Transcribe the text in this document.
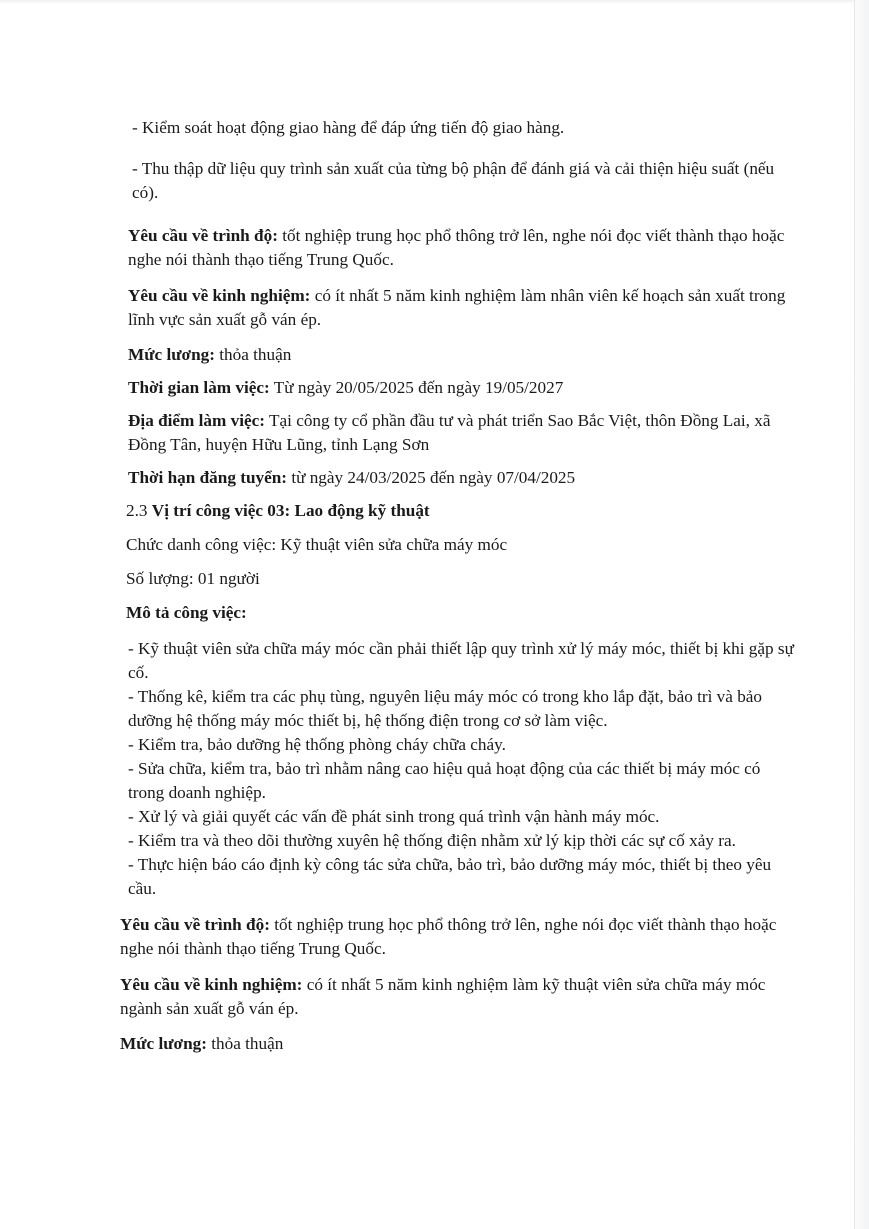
- Kiểm soát hoạt động giao hàng để đáp ứng tiến độ giao hàng.

- Thu thập dữ liệu quy trình sản xuất của từng bộ phận để đánh giá và cải thiện hiệu suất (nếu có).

Yêu cầu về trình độ: tốt nghiệp trung học phổ thông trở lên, nghe nói đọc viết thành thạo hoặc nghe nói thành thạo tiếng Trung Quốc.

Yêu cầu về kinh nghiệm: có ít nhất 5 năm kinh nghiệm làm nhân viên kế hoạch sản xuất trong lĩnh vực sản xuất gỗ ván ép.

Mức lương: thỏa thuận

Thời gian làm việc: Từ ngày 20/05/2025 đến ngày 19/05/2027

Địa điểm làm việc: Tại công ty cổ phần đầu tư và phát triển Sao Bắc Việt, thôn Đồng Lai, xã Đồng Tân, huyện Hữu Lũng, tỉnh Lạng Sơn

Thời hạn đăng tuyển: từ ngày 24/03/2025 đến ngày 07/04/2025

2.3 Vị trí công việc 03: Lao động kỹ thuật

Chức danh công việc: Kỹ thuật viên sửa chữa máy móc

Số lượng: 01 người

Mô tả công việc:

- Kỹ thuật viên sửa chữa máy móc cần phải thiết lập quy trình xử lý máy móc, thiết bị khi gặp sự cố.

- Thống kê, kiểm tra các phụ tùng, nguyên liệu máy móc có trong kho lắp đặt, bảo trì và bảo dưỡng hệ thống máy móc thiết bị, hệ thống điện trong cơ sở làm việc.

- Kiểm tra, bảo dưỡng hệ thống phòng cháy chữa cháy.

- Sửa chữa, kiểm tra, bảo trì nhằm nâng cao hiệu quả hoạt động của các thiết bị máy móc có trong doanh nghiệp.

- Xử lý và giải quyết các vấn đề phát sinh trong quá trình vận hành máy móc.

- Kiểm tra và theo dõi thường xuyên hệ thống điện nhằm xử lý kịp thời các sự cố xảy ra.

- Thực hiện báo cáo định kỳ công tác sửa chữa, bảo trì, bảo dưỡng máy móc, thiết bị theo yêu cầu.

Yêu cầu về trình độ: tốt nghiệp trung học phổ thông trở lên, nghe nói đọc viết thành thạo hoặc nghe nói thành thạo tiếng Trung Quốc.

Yêu cầu về kinh nghiệm: có ít nhất 5 năm kinh nghiệm làm kỹ thuật viên sửa chữa máy móc ngành sản xuất gỗ ván ép.

Mức lương: thỏa thuận
